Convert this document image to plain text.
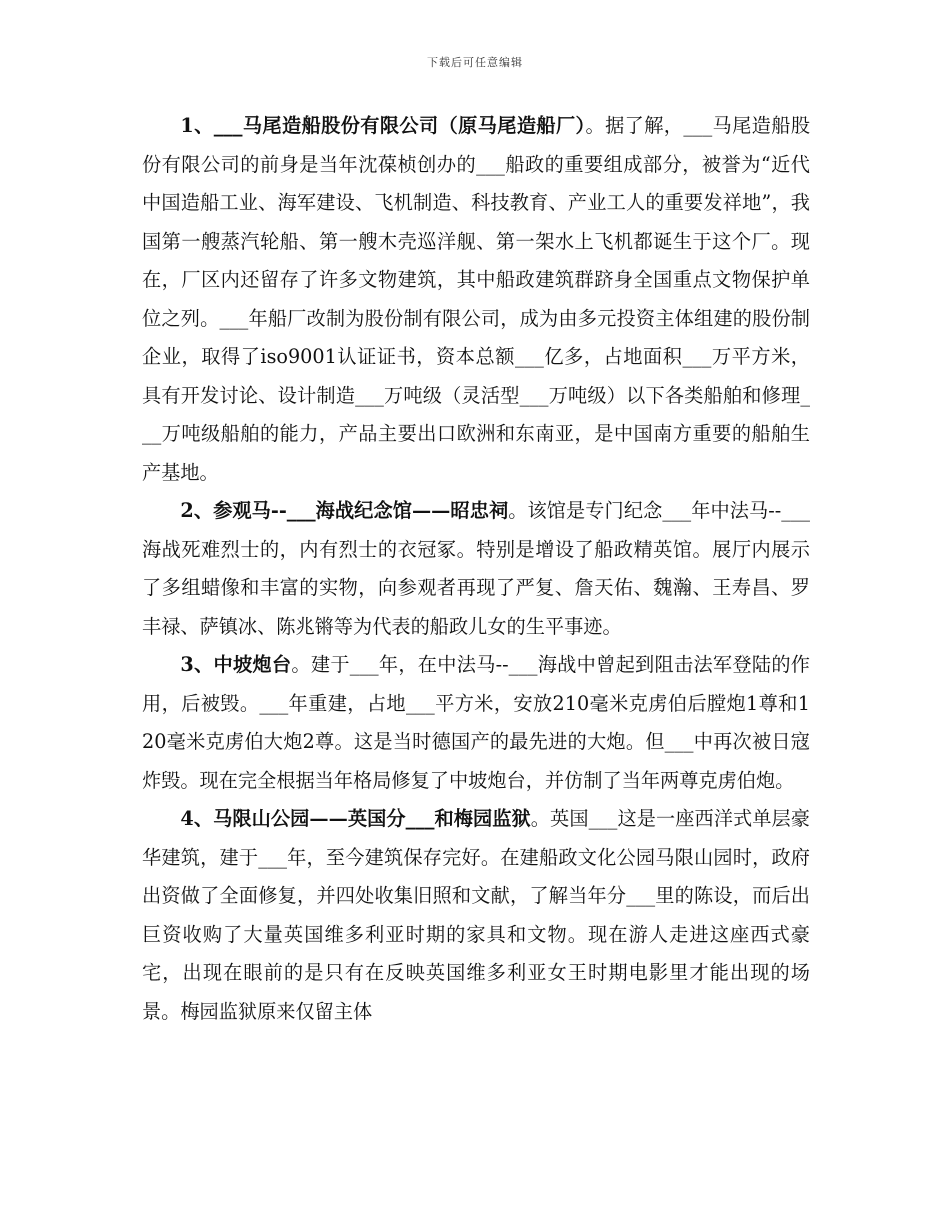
下载后可任意编辑

1、___马尾造船股份有限公司（原马尾造船厂）。据了解，___马尾造船股份有限公司的前身是当年沈葆桢创办的___船政的重要组成部分，被誉为“近代中国造船工业、海军建设、飞机制造、科技教育、产业工人的重要发祥地”，我国第一艘蒸汽轮船、第一艘木壳巡洋舰、第一架水上飞机都诞生于这个厂。现在，厂区内还留存了许多文物建筑，其中船政建筑群跻身全国重点文物保护单位之列。___年船厂改制为股份制有限公司，成为由多元投资主体组建的股份制企业，取得了iso9001认证证书，资本总额___亿多，占地面积___万平方米，具有开发讨论、设计制造___万吨级（灵活型___万吨级）以下各类船舶和修理___万吨级船舶的能力，产品主要出口欧洲和东南亚，是中国南方重要的船舶生产基地。

2、参观马--___海战纪念馆——昭忠祠。该馆是专门纪念___年中法马--___海战死难烈士的，内有烈士的衣冠冢。特别是增设了船政精英馆。展厅内展示了多组蜡像和丰富的实物，向参观者再现了严复、詹天佑、魏瀚、王寿昌、罗丰禄、萨镇冰、陈兆锵等为代表的船政儿女的生平事迹。

3、中坡炮台。建于___年，在中法马--___海战中曾起到阻击法军登陆的作用，后被毁。___年重建，占地___平方米，安放210毫米克虏伯后膛炮1尊和120毫米克虏伯大炮2尊。这是当时德国产的最先进的大炮。但___中再次被日寇炸毁。现在完全根据当年格局修复了中坡炮台，并仿制了当年两尊克虏伯炮。

4、马限山公园——英国分___和梅园监狱。英国___这是一座西洋式单层豪华建筑，建于___年，至今建筑保存完好。在建船政文化公园马限山园时，政府出资做了全面修复，并四处收集旧照和文献，了解当年分___里的陈设，而后出巨资收购了大量英国维多利亚时期的家具和文物。现在游人走进这座西式豪宅，出现在眼前的是只有在反映英国维多利亚女王时期电影里才能出现的场景。梅园监狱原来仅留主体
